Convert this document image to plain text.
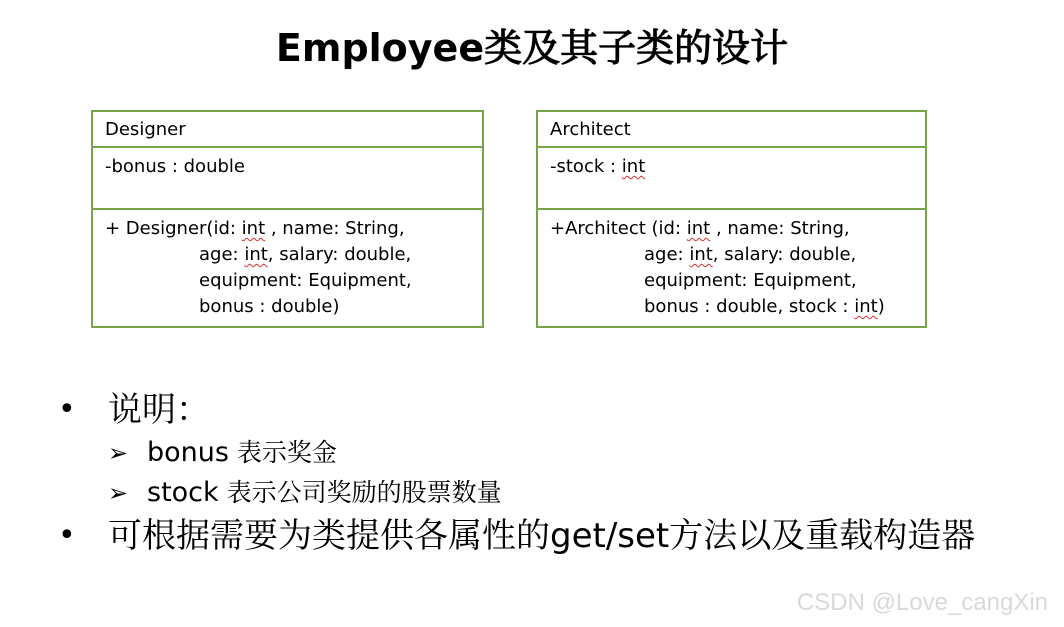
Employee类及其子类的设计
Designer
-bonus : double
+ Designer(id: int , name: String,
age: int, salary: double,
equipment: Equipment,
bonus : double)
Architect
-stock : int
+Architect (id: int , name: String,
age: int, salary: double,
equipment: Equipment,
bonus : double, stock : int)
• 说明：
➢ bonus 表示奖金
➢ stock 表示公司奖励的股票数量
• 可根据需要为类提供各属性的get/set方法以及重载构造器
CSDN @Love_cangXin
